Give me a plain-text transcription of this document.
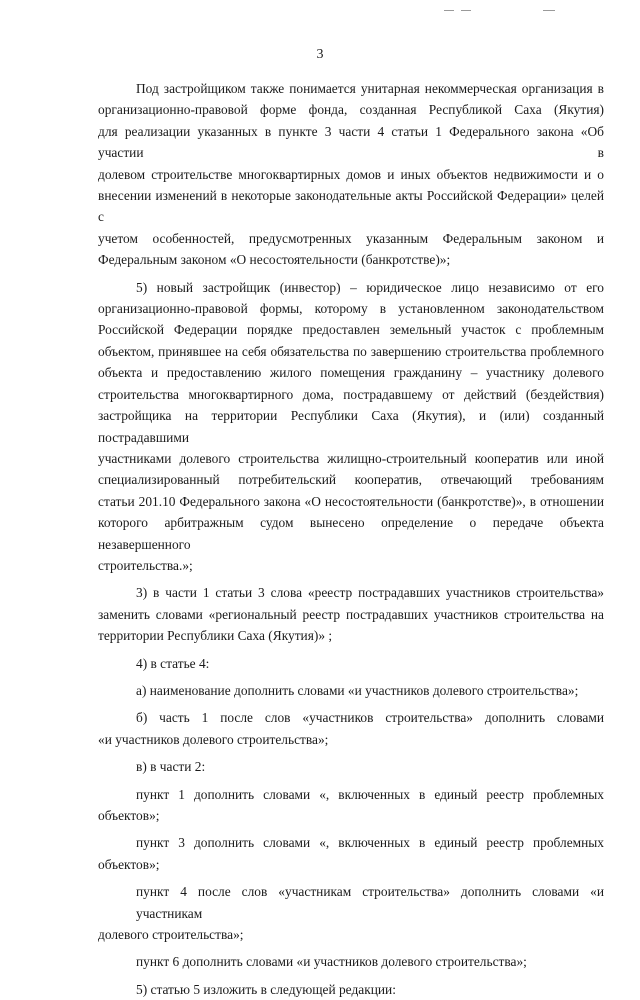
3
Под застройщиком также понимается унитарная некоммерческая организация в
организационно-правовой форме фонда, созданная Республикой Саха (Якутия)
для реализации указанных в пункте 3 части 4 статьи 1 Федерального закона «Об участии в
долевом строительстве многоквартирных домов и иных объектов недвижимости и о
внесении изменений в некоторые законодательные акты Российской Федерации» целей с
учетом особенностей, предусмотренных указанным Федеральным законом и
Федеральным законом «О несостоятельности (банкротстве)»;
5) новый застройщик (инвестор) – юридическое лицо независимо от его
организационно-правовой формы, которому в установленном законодательством
Российской Федерации порядке предоставлен земельный участок с проблемным
объектом, принявшее на себя обязательства по завершению строительства проблемного
объекта и предоставлению жилого помещения гражданину – участнику долевого
строительства многоквартирного дома, пострадавшему от действий (бездействия)
застройщика на территории Республики Саха (Якутия), и (или) созданный пострадавшими
участниками долевого строительства жилищно-строительный кооператив или иной
специализированный потребительский кооператив, отвечающий требованиям
статьи 201.10 Федерального закона «О несостоятельности (банкротстве)», в отношении
которого арбитражным судом вынесено определение о передаче объекта незавершенного
строительства.»;
3) в части 1 статьи 3 слова «реестр пострадавших участников строительства»
заменить словами «региональный реестр пострадавших участников строительства на
территории Республики Саха (Якутия)» ;
4) в статье 4:
а) наименование дополнить словами «и участников долевого строительства»;
б) часть 1 после слов «участников строительства» дополнить словами
«и участников долевого строительства»;
в) в части 2:
пункт 1 дополнить словами «, включенных в единый реестр проблемных
объектов»;
пункт 3 дополнить словами «, включенных в единый реестр проблемных
объектов»;
пункт 4 после слов «участникам строительства» дополнить словами «и участникам
долевого строительства»;
пункт 6 дополнить словами «и участников долевого строительства»;
5) статью 5 изложить в следующей редакции:
